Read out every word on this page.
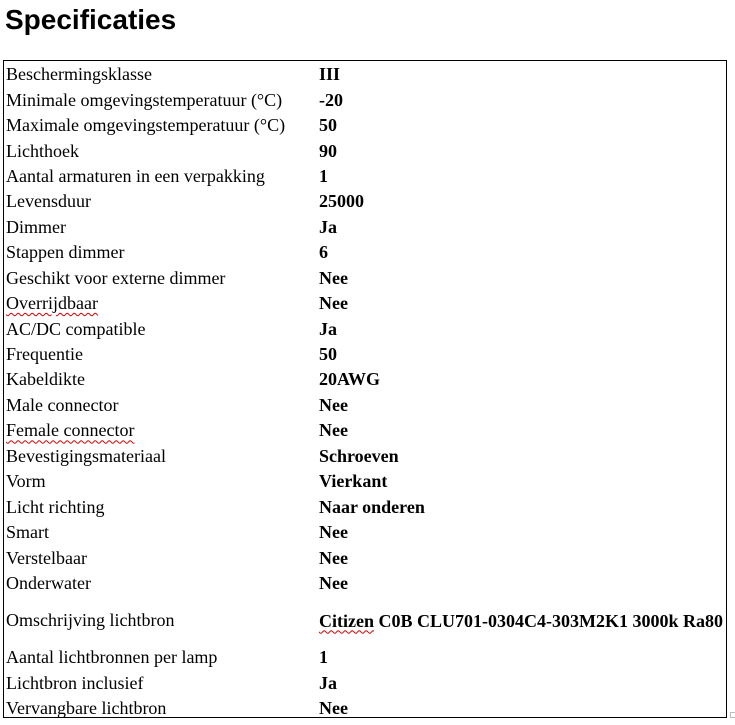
Specificaties
Beschermingsklasse	III
Minimale omgevingstemperatuur (°C)	-20
Maximale omgevingstemperatuur (°C)	50
Lichthoek	90
Aantal armaturen in een verpakking	1
Levensduur	25000
Dimmer	Ja
Stappen dimmer	6
Geschikt voor externe dimmer	Nee
Overrijdbaar	Nee
AC/DC compatible	Ja
Frequentie	50
Kabeldikte	20AWG
Male connector	Nee
Female connector	Nee
Bevestigingsmateriaal	Schroeven
Vorm	Vierkant
Licht richting	Naar onderen
Smart	Nee
Verstelbaar	Nee
Onderwater	Nee
Omschrijving lichtbron	Citizen C0B CLU701-0304C4-303M2K1 3000k Ra80

Aantal lichtbronnen per lamp	1
Lichtbron inclusief	Ja
Vervangbare lichtbron	Nee
